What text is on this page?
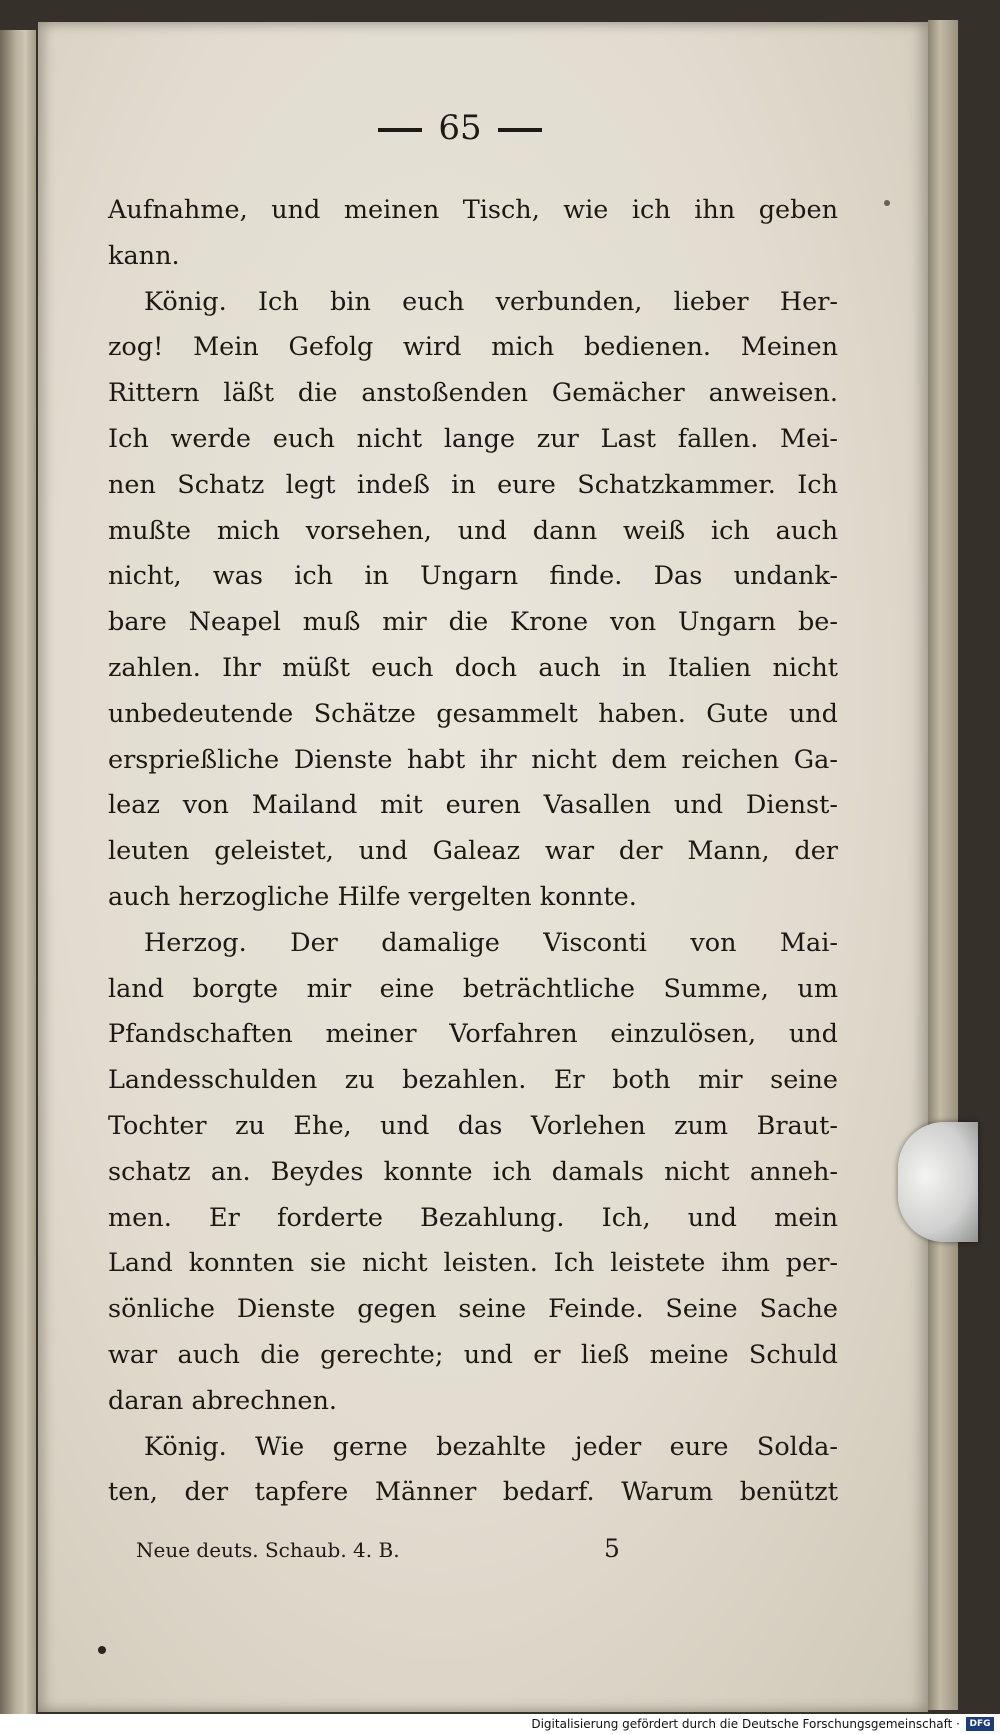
65
Aufnahme, und meinen Tisch, wie ich ihn geben
kann.
König. Ich bin euch verbunden, lieber Her-
zog! Mein Gefolg wird mich bedienen. Meinen
Rittern läßt die anstoßenden Gemächer anweisen.
Ich werde euch nicht lange zur Last fallen. Mei-
nen Schatz legt indeß in eure Schatzkammer. Ich
mußte mich vorsehen, und dann weiß ich auch
nicht, was ich in Ungarn finde. Das undank-
bare Neapel muß mir die Krone von Ungarn be-
zahlen. Ihr müßt euch doch auch in Italien nicht
unbedeutende Schätze gesammelt haben. Gute und
ersprießliche Dienste habt ihr nicht dem reichen Ga-
leaz von Mailand mit euren Vasallen und Dienst-
leuten geleistet, und Galeaz war der Mann, der
auch herzogliche Hilfe vergelten konnte.
Herzog. Der damalige Visconti von Mai-
land borgte mir eine beträchtliche Summe, um
Pfandschaften meiner Vorfahren einzulösen, und
Landesschulden zu bezahlen. Er both mir seine
Tochter zu Ehe, und das Vorlehen zum Braut-
schatz an. Beydes konnte ich damals nicht anneh-
men. Er forderte Bezahlung. Ich, und mein
Land konnten sie nicht leisten. Ich leistete ihm per-
sönliche Dienste gegen seine Feinde. Seine Sache
war auch die gerechte; und er ließ meine Schuld
daran abrechnen.
König. Wie gerne bezahlte jeder eure Solda-
ten, der tapfere Männer bedarf. Warum benützt
Neue deuts. Schaub. 4. B.	5
Digitalisierung gefördert durch die Deutsche Forschungsgemeinschaft ·	DFG
